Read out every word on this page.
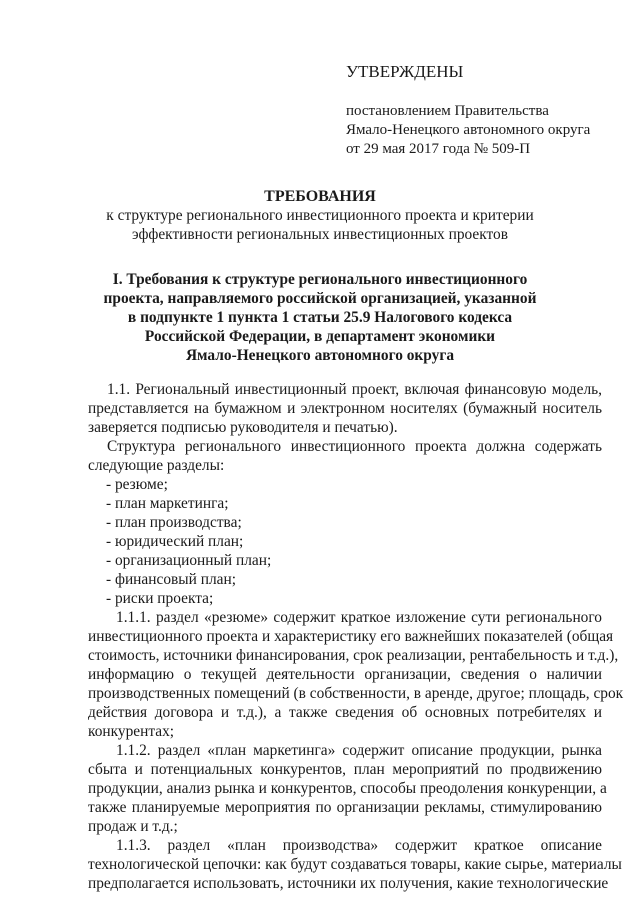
УТВЕРЖДЕНЫ
постановлением Правительства
Ямало-Ненецкого автономного округа
от 29 мая 2017 года № 509-П
ТРЕБОВАНИЯ
к структуре регионального инвестиционного проекта и критерии
эффективности региональных инвестиционных проектов
I. Требования к структуре регионального инвестиционного
проекта, направляемого российской организацией, указанной
в подпункте 1 пункта 1 статьи 25.9 Налогового кодекса
Российской Федерации, в департамент экономики
Ямало-Ненецкого автономного округа
1.1. Региональный инвестиционный проект, включая финансовую модель,
представляется на бумажном и электронном носителях (бумажный носитель
заверяется подписью руководителя и печатью).
Структура регионального инвестиционного проекта должна содержать
следующие разделы:
- резюме;
- план маркетинга;
- план производства;
- юридический план;
- организационный план;
- финансовый план;
- риски проекта;
1.1.1. раздел «резюме» содержит краткое изложение сути регионального
инвестиционного проекта и характеристику его важнейших показателей (общая
стоимость, источники финансирования, срок реализации, рентабельность и т.д.),
информацию о текущей деятельности организации, сведения о наличии
производственных помещений (в собственности, в аренде, другое; площадь, срок
действия договора и т.д.), а также сведения об основных потребителях и
конкурентах;
1.1.2. раздел «план маркетинга» содержит описание продукции, рынка
сбыта и потенциальных конкурентов, план мероприятий по продвижению
продукции, анализ рынка и конкурентов, способы преодоления конкуренции, а
также планируемые мероприятия по организации рекламы, стимулированию
продаж и т.д.;
1.1.3. раздел «план производства» содержит краткое описание
технологической цепочки: как будут создаваться товары, какие сырье, материалы
предполагается использовать, источники их получения, какие технологические
